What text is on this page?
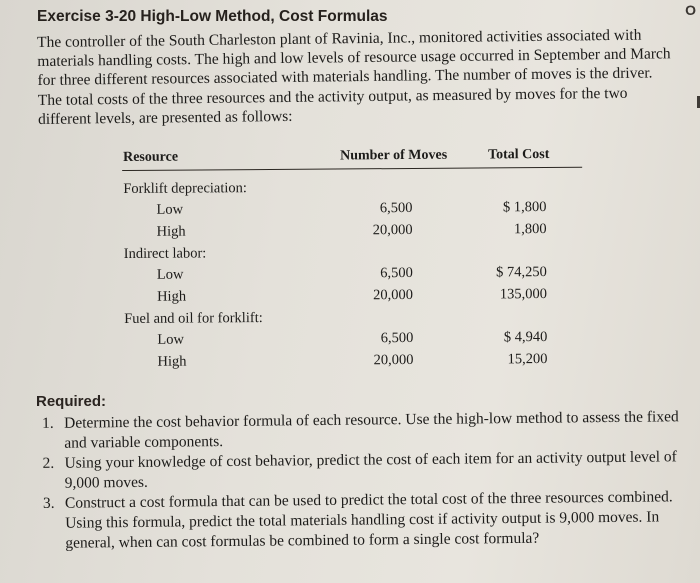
O
Exercise 3-20 High-Low Method, Cost Formulas

The controller of the South Charleston plant of Ravinia, Inc., monitored activities associated with materials handling costs. The high and low levels of resource usage occurred in September and March for three different resources associated with materials handling. The number of moves is the driver. The total costs of the three resources and the activity output, as measured by moves for the two different levels, are presented as follows:

Resource	Number of Moves	Total Cost
Forklift depreciation:
Low	6,500	$ 1,800
High	20,000	1,800
Indirect labor:
Low	6,500	$ 74,250
High	20,000	135,000
Fuel and oil for forklift:
Low	6,500	$ 4,940
High	20,000	15,200
Required:
1. Determine the cost behavior formula of each resource. Use the high-low method to assess the fixed and variable components.
2. Using your knowledge of cost behavior, predict the cost of each item for an activity output level of 9,000 moves.
3. Construct a cost formula that can be used to predict the total cost of the three resources combined. Using this formula, predict the total materials handling cost if activity output is 9,000 moves. In general, when can cost formulas be combined to form a single cost formula?
